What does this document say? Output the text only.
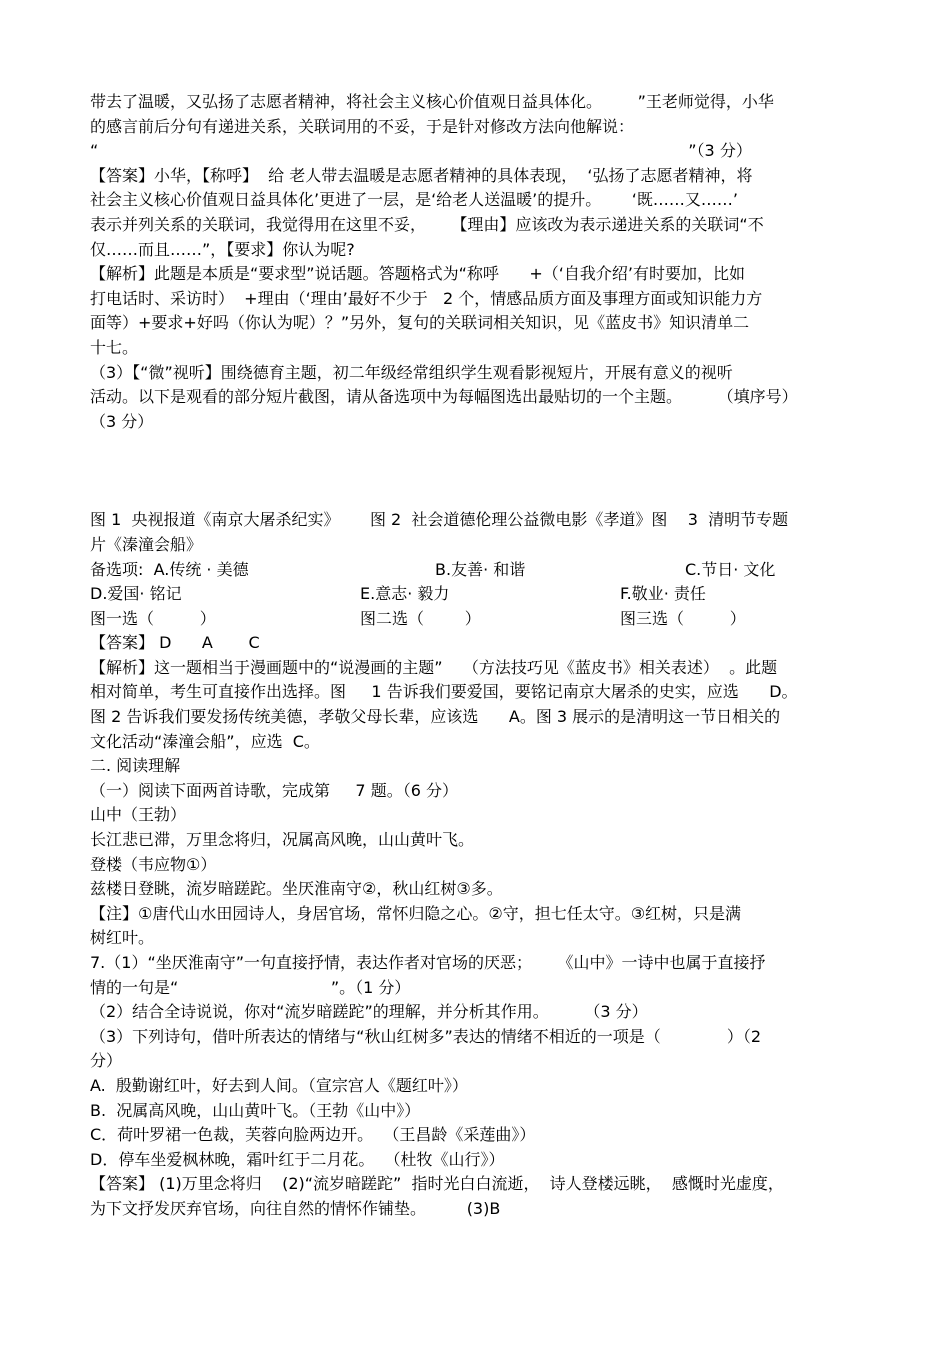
带去了温暖，又弘扬了志愿者精神，将社会主义核心价值观日益具体化。       ”王老师觉得，小华
的感言前后分句有递进关系，关联词用的不妥，于是针对修改方法向他解说：
“                                                                                                                    ”（3 分）
【答案】小华，【称呼】  给 老人带去温暖是志愿者精神的具体表现，  ‘弘扬了志愿者精神，将
社会主义核心价值观日益具体化’更进了一层，是‘给老人送温暖’的提升。      ‘既……又……’
表示并列关系的关联词，我觉得用在这里不妥，     【理由】应该改为表示递进关系的关联词“不
仅……而且……”，【要求】你认为呢?
【解析】此题是本质是“要求型”说话题。答题格式为“称呼      +（‘自我介绍’有时要加，比如
打电话时、采访时）  +理由（‘理由’最好不少于   2 个，情感品质方面及事理方面或知识能力方
面等）+要求+好吗（你认为呢）？”另外，复句的关联词相关知识，见《蓝皮书》知识清单二
十七。
（3）【“微”视听】围绕德育主题，初二年级经常组织学生观看影视短片，开展有意义的视听
活动。以下是观看的部分短片截图，请从备选项中为每幅图选出最贴切的一个主题。       （填序号）
（3 分）
图 1  央视报道《南京大屠杀纪实》      图 2  社会道德伦理公益微电影《孝道》图    3  清明节专题
片《溱潼会船》
备选项:  A.传统 · 美德	B.友善· 和谐	C.节日· 文化
D.爱国· 铭记	E.意志· 毅力	F.敬业· 责任
图一选（         ）	图二选（        ）	图三选（         ）
【答案】 D      A       C
【解析】这一题相当于漫画题中的“说漫画的主题”    （方法技巧见《蓝皮书》相关表述）  。此题
相对简单，考生可直接作出选择。图     1 告诉我们要爱国，要铭记南京大屠杀的史实，应选      D。
图 2 告诉我们要发扬传统美德，孝敬父母长辈，应该选      A。图 3 展示的是清明这一节日相关的
文化活动“溱潼会船”，应选  C。
二. 阅读理解
（一）阅读下面两首诗歌，完成第     7 题。（6 分）
山中（王勃）
长江悲已滞，万里念将归，况属高风晚，山山黄叶飞。
登楼（韦应物①）
兹楼日登眺，流岁暗蹉跎。坐厌淮南守②，秋山红树③多。
【注】①唐代山水田园诗人，身居官场，常怀归隐之心。②守，担七任太守。③红树，只是满
树红叶。
7.（1）“坐厌淮南守”一句直接抒情，表达作者对官场的厌恶；     《山中》一诗中也属于直接抒
情的一句是“                              ”。（1 分）
（2）结合全诗说说，你对“流岁暗蹉跎”的理解，并分析其作用。       （3 分）
（3）下列诗句，借叶所表达的情绪与“秋山红树多”表达的情绪不相近的一项是（             ）（2
分）
A.  殷勤谢红叶，好去到人间。（宣宗宫人《题红叶》）
B.  况属高风晚，山山黄叶飞。（王勃《山中》）
C．荷叶罗裙一色裁，芙蓉向脸两边开。  （王昌龄《采莲曲》）
D．停车坐爱枫林晚，霜叶红于二月花。  （杜牧《山行》）
【答案】 (1)万里念将归    (2)“流岁暗蹉跎”  指时光白白流逝，  诗人登楼远眺，  感慨时光虚度，
为下文抒发厌弃官场，向往自然的情怀作铺垫。        (3)B
